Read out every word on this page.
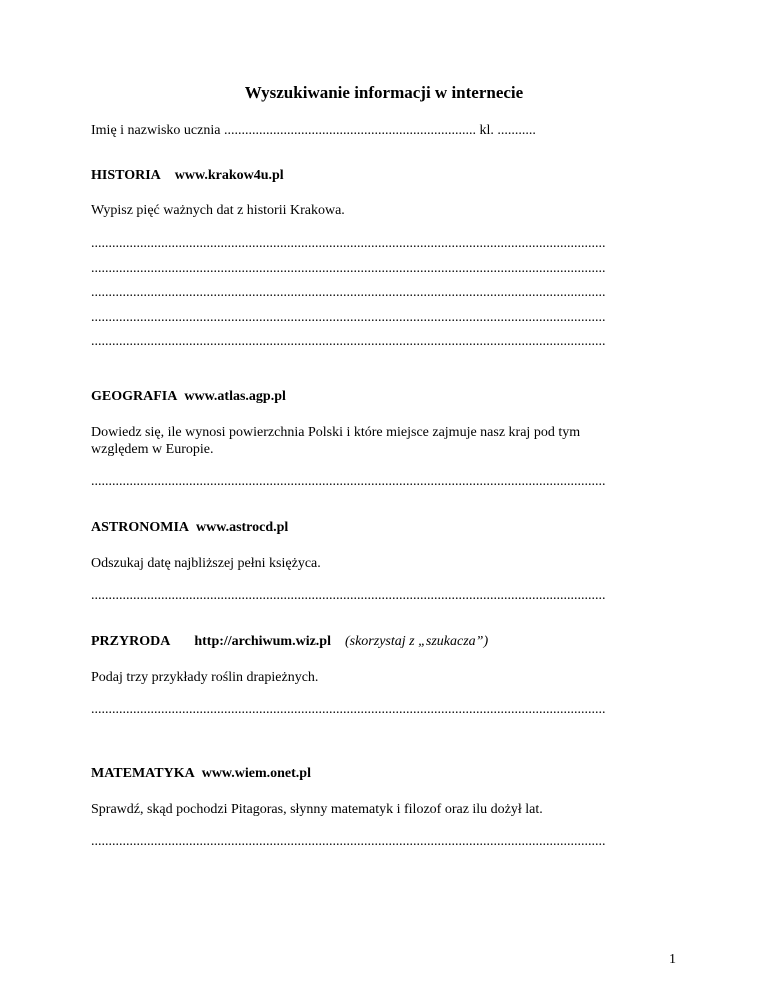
Wyszukiwanie informacji w internecie
Imię i nazwisko ucznia ........................................................................ kl. ...........
HISTORIA www.krakow4u.pl
Wypisz pięć ważnych dat z historii Krakowa.
...................................................................................................................................................
...................................................................................................................................................
...................................................................................................................................................
...................................................................................................................................................
...................................................................................................................................................
GEOGRAFIA www.atlas.agp.pl
Dowiedz się, ile wynosi powierzchnia Polski i które miejsce zajmuje nasz kraj pod tym
względem w Europie.
...................................................................................................................................................
ASTRONOMIA www.astrocd.pl
Odszukaj datę najbliższej pełni księżyca.
...................................................................................................................................................
PRZYRODA http://archiwum.wiz.pl (skorzystaj z „szukacza”)
Podaj trzy przykłady roślin drapieżnych.
...................................................................................................................................................
MATEMATYKA www.wiem.onet.pl
Sprawdź, skąd pochodzi Pitagoras, słynny matematyk i filozof oraz ilu dożył lat.
...................................................................................................................................................
1
